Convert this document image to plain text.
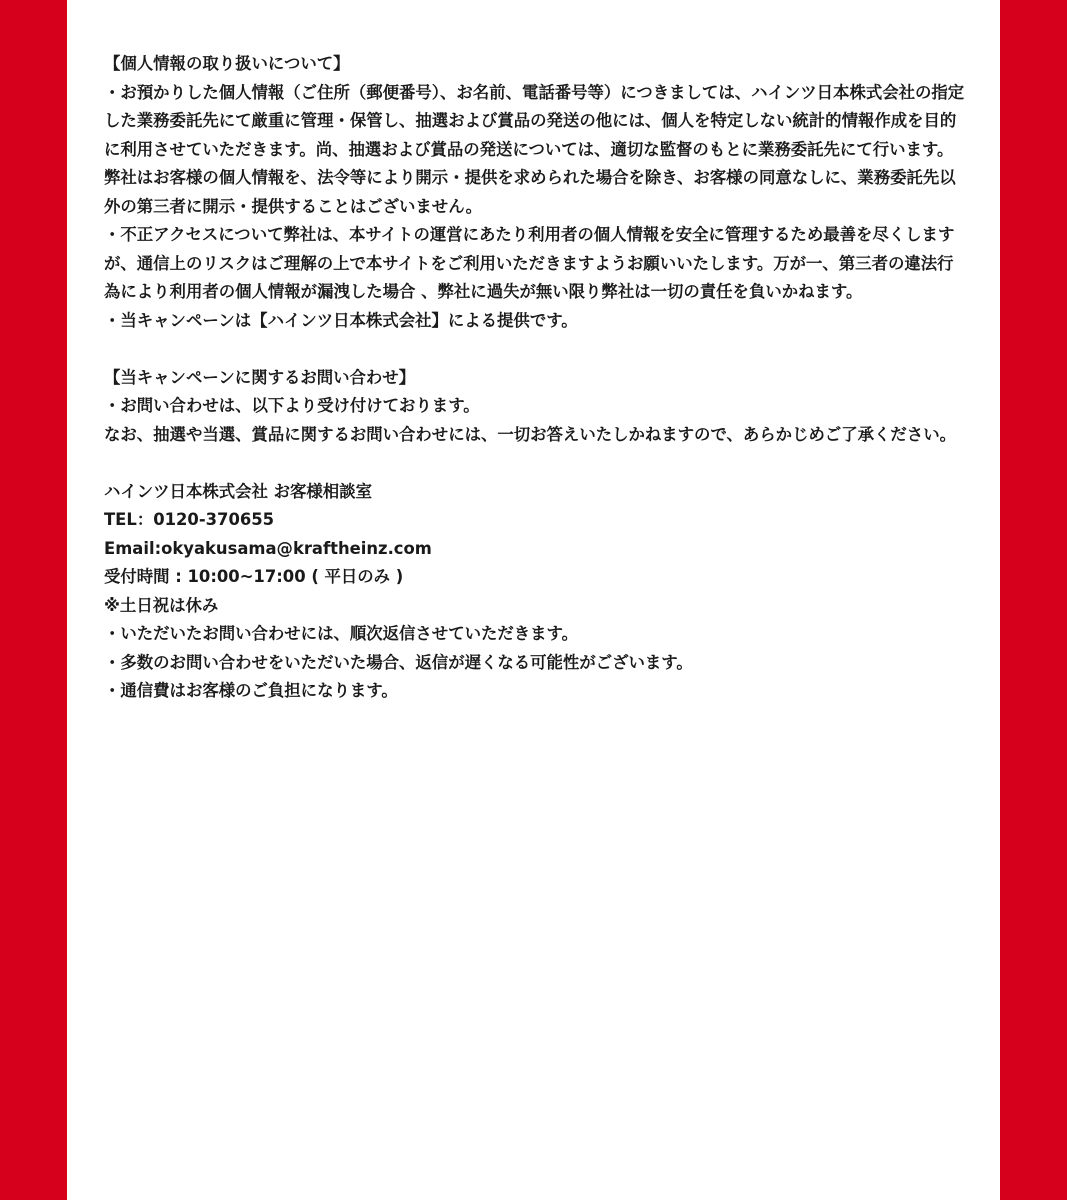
【個人情報の取り扱いについて】

・お預かりした個人情報（ご住所（郵便番号）、お名前、電話番号等）につきましては、ハインツ日本株式会社の指定した業務委託先にて厳重に管理・保管し、抽選および賞品の発送の他には、個人を特定しない統計的情報作成を目的に利用させていただきます。尚、抽選および賞品の発送については、適切な監督のもとに業務委託先にて行います。弊社はお客様の個人情報を、法令等により開示・提供を求められた場合を除き、お客様の同意なしに、業務委託先以外の第三者に開示・提供することはございません。

・不正アクセスについて弊社は、本サイトの運営にあたり利用者の個人情報を安全に管理するため最善を尽くしますが、通信上のリスクはご理解の上で本サイトをご利用いただきますようお願いいたします。万が一、第三者の違法行為により利用者の個人情報が漏洩した場合 、弊社に過失が無い限り弊社は一切の責任を負いかねます。

・当キャンペーンは【ハインツ日本株式会社】による提供です。

【当キャンペーンに関するお問い合わせ】

・お問い合わせは、以下より受け付けております。

なお、抽選や当選、賞品に関するお問い合わせには、一切お答えいたしかねますので、あらかじめご了承ください。

ハインツ日本株式会社 お客様相談室

TEL：0120-370655

Email:okyakusama@kraftheinz.com

受付時間 : 10:00~17:00 ( 平日のみ )

※土日祝は休み

・いただいたお問い合わせには、順次返信させていただきます。

・多数のお問い合わせをいただいた場合、返信が遅くなる可能性がございます。

・通信費はお客様のご負担になります。
